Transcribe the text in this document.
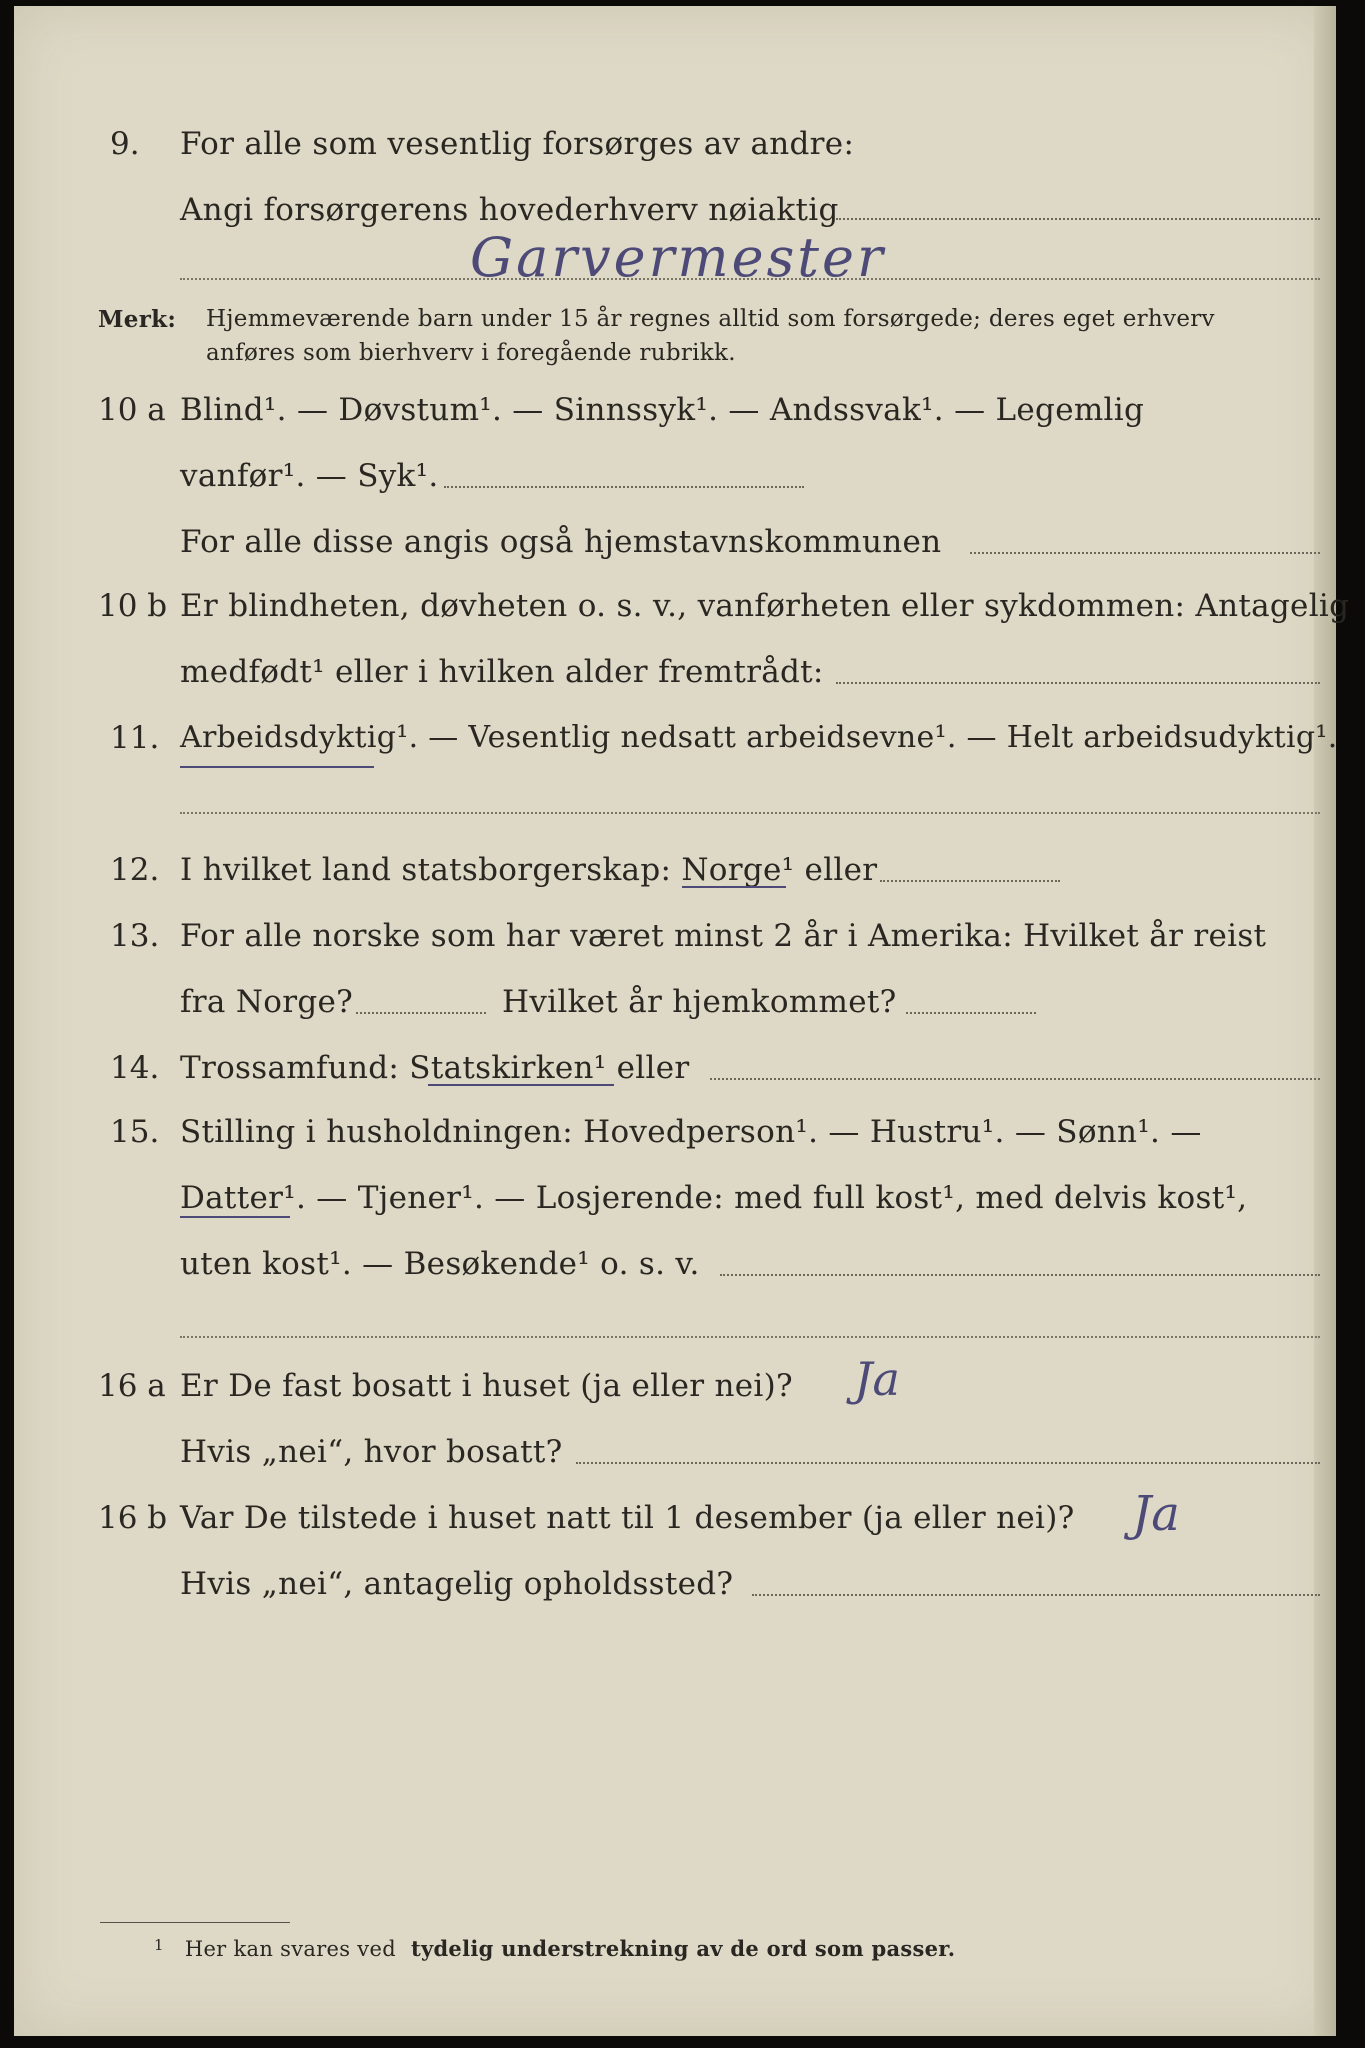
9. For alle som vesentlig forsørges av andre:
Angi forsørgerens hovederhverv nøiaktig
Garvermester
Merk: Hjemmeværende barn under 15 år regnes alltid som forsørgede; deres eget erhverv
anføres som bierhverv i foregående rubrikk.
10 a Blind¹. — Døvstum¹. — Sinnssyk¹. — Andssvak¹. — Legemlig
vanfør¹. — Syk¹.
For alle disse angis også hjemstavnskommunen
10 b Er blindheten, døvheten o. s. v., vanførheten eller sykdommen: Antagelig
medfødt¹ eller i hvilken alder fremtrådt:
11. Arbeidsdyktig¹. — Vesentlig nedsatt arbeidsevne¹. — Helt arbeidsudyktig¹.
12. I hvilket land statsborgerskap: Norge¹ eller
13. For alle norske som har været minst 2 år i Amerika: Hvilket år reist
fra Norge?	Hvilket år hjemkommet?
14. Trossamfund: Statskirken¹ eller
15. Stilling i husholdningen: Hovedperson¹. — Hustru¹. — Sønn¹. —
Datter¹. — Tjener¹. — Losjerende: med full kost¹, med delvis kost¹,
uten kost¹. — Besøkende¹ o. s. v.
16 a Er De fast bosatt i huset (ja eller nei)? Ja
Hvis „nei“, hvor bosatt?
16 b Var De tilstede i huset natt til 1 desember (ja eller nei)? Ja
Hvis „nei“, antagelig opholdssted?
$^1$ Her kan svares ved tydelig understrekning av de ord som passer.
